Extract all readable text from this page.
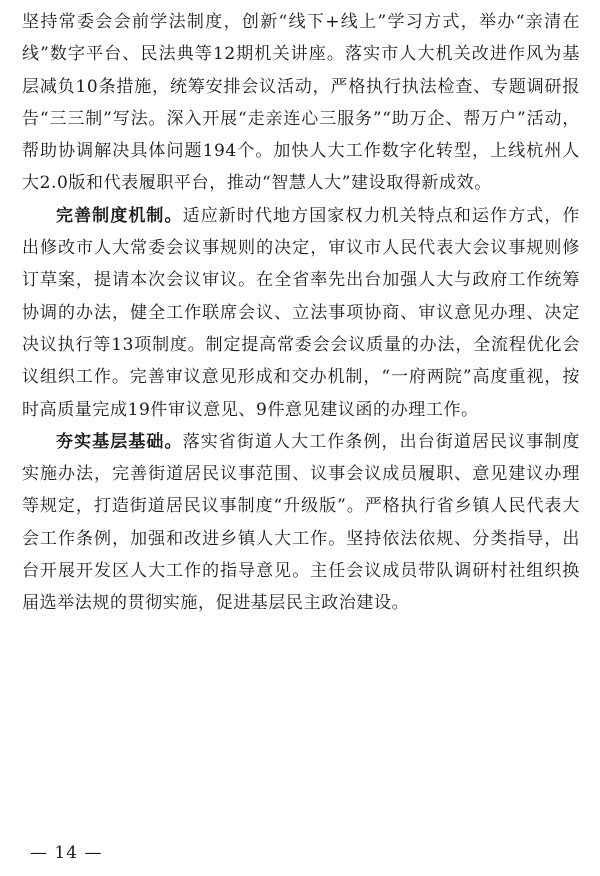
坚持常委会会前学法制度，创新“线下+线上”学习方式，举办“亲清在线”数字平台、民法典等12期机关讲座。落实市人大机关改进作风为基层减负10条措施，统筹安排会议活动，严格执行执法检查、专题调研报告“三三制”写法。深入开展“走亲连心三服务”“助万企、帮万户”活动，帮助协调解决具体问题194个。加快人大工作数字化转型，上线杭州人大2.0版和代表履职平台，推动“智慧人大”建设取得新成效。

完善制度机制。适应新时代地方国家权力机关特点和运作方式，作出修改市人大常委会议事规则的决定，审议市人民代表大会议事规则修订草案，提请本次会议审议。在全省率先出台加强人大与政府工作统筹协调的办法，健全工作联席会议、立法事项协商、审议意见办理、决定决议执行等13项制度。制定提高常委会会议质量的办法，全流程优化会议组织工作。完善审议意见形成和交办机制，“一府两院”高度重视，按时高质量完成19件审议意见、9件意见建议函的办理工作。

夯实基层基础。落实省街道人大工作条例，出台街道居民议事制度实施办法，完善街道居民议事范围、议事会议成员履职、意见建议办理等规定，打造街道居民议事制度“升级版”。严格执行省乡镇人民代表大会工作条例，加强和改进乡镇人大工作。坚持依法依规、分类指导，出台开展开发区人大工作的指导意见。主任会议成员带队调研村社组织换届选举法规的贯彻实施，促进基层民主政治建设。

— 14 —
